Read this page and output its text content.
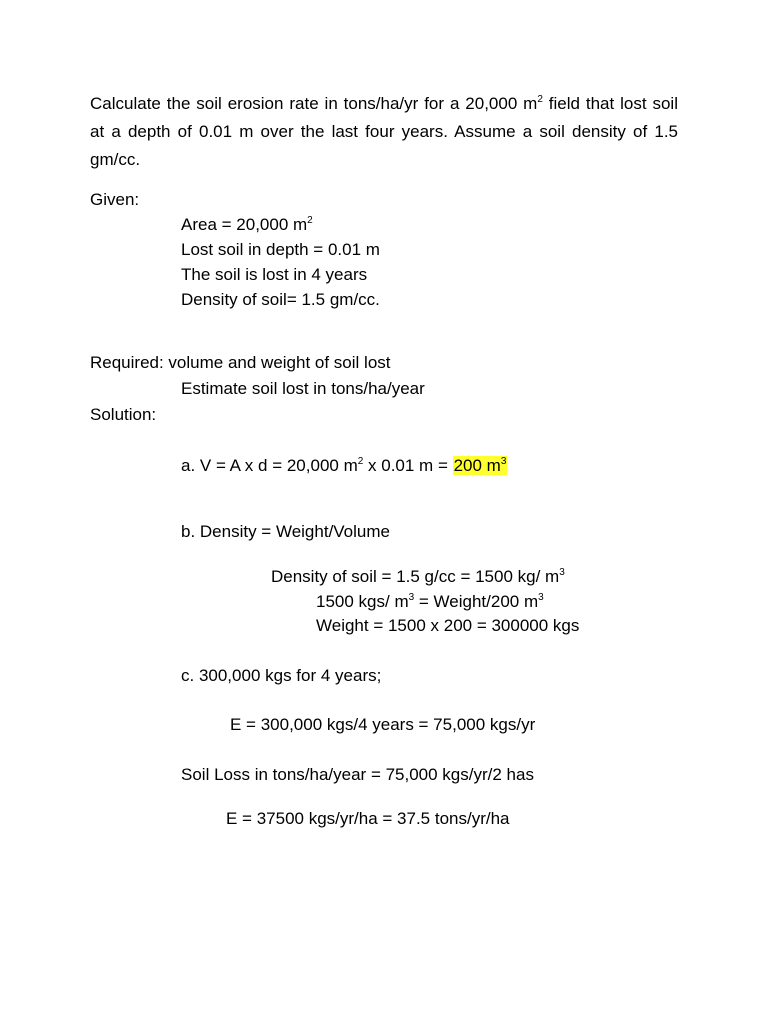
Calculate the soil erosion rate in tons/ha/yr for a 20,000 $m^2$ field that lost soil at a depth of 0.01 m over the last four years. Assume a soil density of 1.5 gm/cc.
Given:
Area = 20,000 $m^2$
Lost soil in depth = 0.01 m
The soil is lost in 4 years
Density of soil= 1.5 gm/cc.
Required: volume and weight of soil lost
Estimate soil lost in tons/ha/year
Solution:
a. V = A x d = 20,000 $m^2$ x 0.01 m = 200 $m^3$
b. Density = Weight/Volume
Density of soil = 1.5 g/cc = 1500 kg/ $m^3$
1500 kgs/ $m^3$ = Weight/200 $m^3$
Weight = 1500 x 200 = 300000 kgs
c. 300,000 kgs for 4 years;
E = 300,000 kgs/4 years = 75,000 kgs/yr
Soil Loss in tons/ha/year = 75,000 kgs/yr/2 has
E = 37500 kgs/yr/ha = 37.5 tons/yr/ha
